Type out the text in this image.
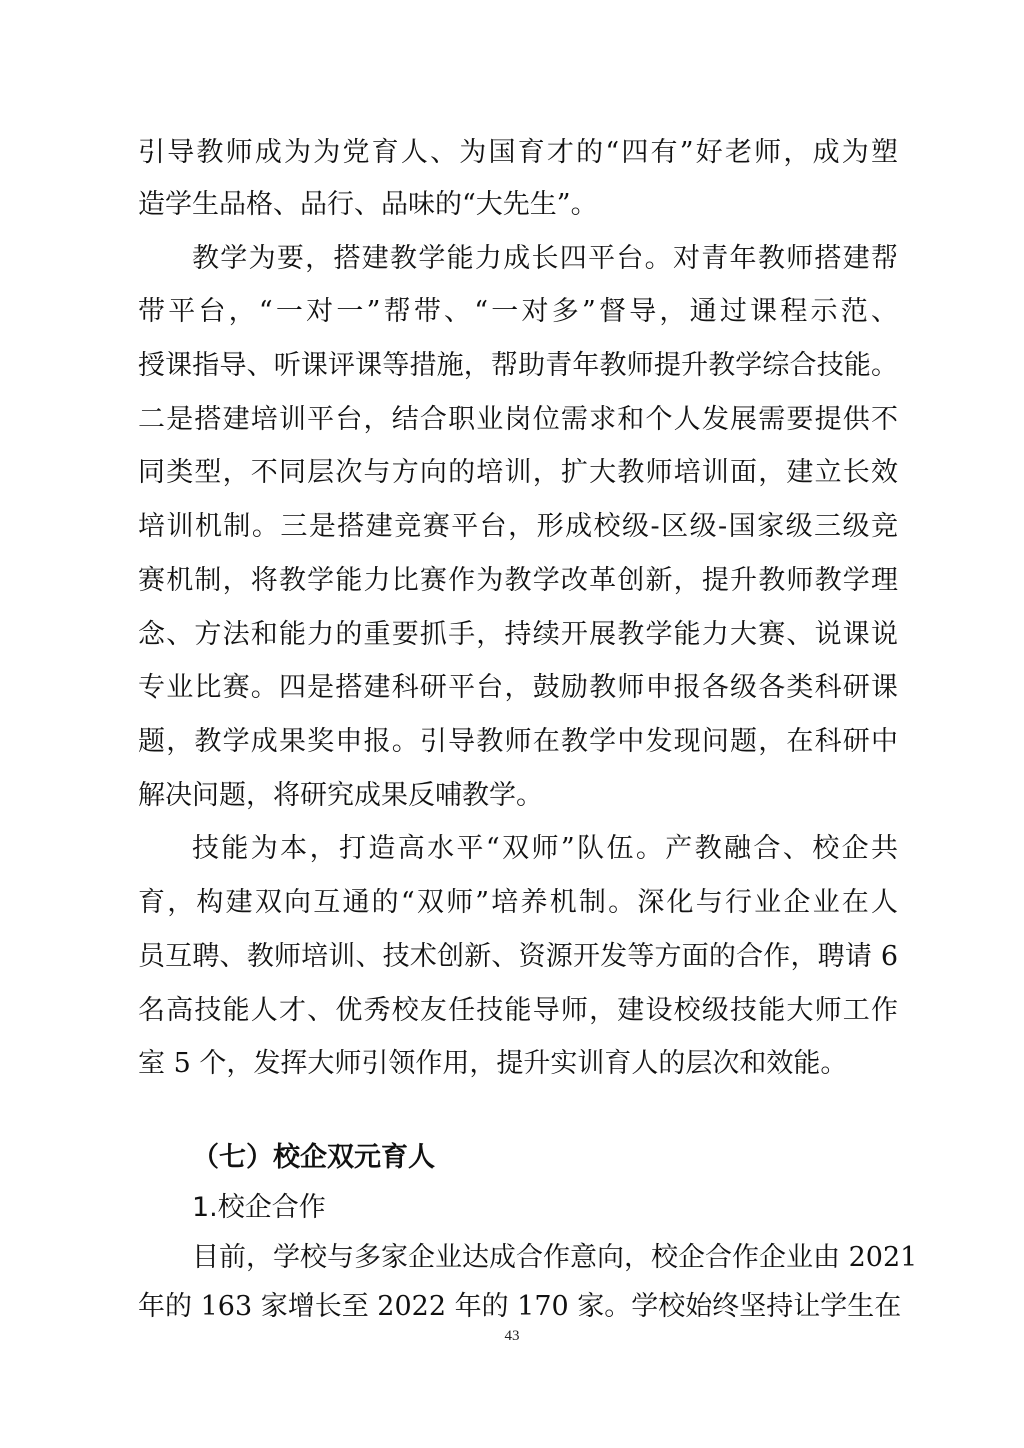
引导教师成为为党育人、为国育才的“四有”好老师，成为塑
造学生品格、品行、品味的“大先生”。
教学为要，搭建教学能力成长四平台。对青年教师搭建帮
带平台，“一对一”帮带、“一对多”督导，通过课程示范、
授课指导、听课评课等措施，帮助青年教师提升教学综合技能。
二是搭建培训平台，结合职业岗位需求和个人发展需要提供不
同类型，不同层次与方向的培训，扩大教师培训面，建立长效
培训机制。三是搭建竞赛平台，形成校级-区级-国家级三级竞
赛机制，将教学能力比赛作为教学改革创新，提升教师教学理
念、方法和能力的重要抓手，持续开展教学能力大赛、说课说
专业比赛。四是搭建科研平台，鼓励教师申报各级各类科研课
题，教学成果奖申报。引导教师在教学中发现问题，在科研中
解决问题，将研究成果反哺教学。
技能为本，打造高水平“双师”队伍。产教融合、校企共
育，构建双向互通的“双师”培养机制。深化与行业企业在人
员互聘、教师培训、技术创新、资源开发等方面的合作，聘请 6
名高技能人才、优秀校友任技能导师，建设校级技能大师工作
室 5 个，发挥大师引领作用，提升实训育人的层次和效能。
（七）校企双元育人
1.校企合作
目前，学校与多家企业达成合作意向，校企合作企业由 2021
年的 163 家增长至 2022 年的 170 家。学校始终坚持让学生在
43
